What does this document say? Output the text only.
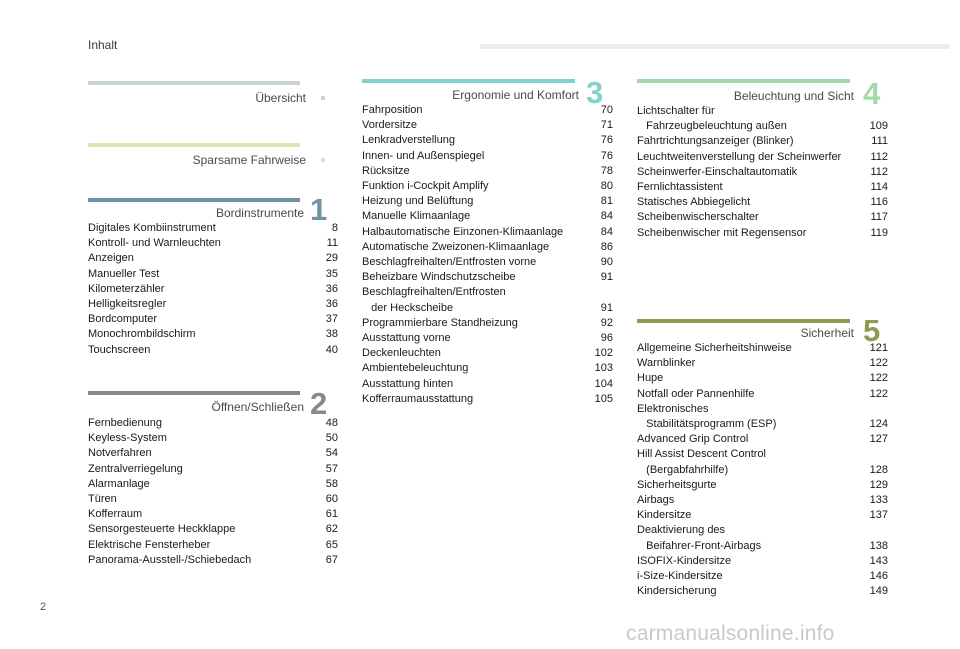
Inhalt
Übersicht
Sparsame Fahrweise
Bordinstrumente 1
Digitales Kombiinstrument	8
Kontroll- und Warnleuchten	11
Anzeigen	29
Manueller Test	35
Kilometerzähler	36
Helligkeitsregler	36
Bordcomputer	37
Monochrombildschirm	38
Touchscreen	40
Öffnen/Schließen 2
Fernbedienung	48
Keyless-System	50
Notverfahren	54
Zentralverriegelung	57
Alarmanlage	58
Türen	60
Kofferraum	61
Sensorgesteuerte Heckklappe	62
Elektrische Fensterheber	65
Panorama-Ausstell-/Schiebedach	67
Ergonomie und Komfort 3
Fahrposition	70
Vordersitze	71
Lenkradverstellung	76
Innen- und Außenspiegel	76
Rücksitze	78
Funktion i-Cockpit Amplify	80
Heizung und Belüftung	81
Manuelle Klimaanlage	84
Halbautomatische Einzonen-Klimaanlage	84
Automatische Zweizonen-Klimaanlage	86
Beschlagfreihalten/Entfrosten vorne	90
Beheizbare Windschutzscheibe	91
Beschlagfreihalten/Entfrosten
der Heckscheibe	91
Programmierbare Standheizung	92
Ausstattung vorne	96
Deckenleuchten	102
Ambientebeleuchtung	103
Ausstattung hinten	104
Kofferraumausstattung	105
Beleuchtung und Sicht 4
Lichtschalter für
Fahrzeugbeleuchtung außen	109
Fahrtrichtungsanzeiger (Blinker)	111
Leuchtweitenverstellung der Scheinwerfer	112
Scheinwerfer-Einschaltautomatik	112
Fernlichtassistent	114
Statisches Abbiegelicht	116
Scheibenwischerschalter	117
Scheibenwischer mit Regensensor	119
Sicherheit 5
Allgemeine Sicherheitshinweise	121
Warnblinker	122
Hupe	122
Notfall oder Pannenhilfe	122
Elektronisches
Stabilitätsprogramm (ESP)	124
Advanced Grip Control	127
Hill Assist Descent Control
(Bergabfahrhilfe)	128
Sicherheitsgurte	129
Airbags	133
Kindersitze	137
Deaktivierung des
Beifahrer-Front-Airbags	138
ISOFIX-Kindersitze	143
i-Size-Kindersitze	146
Kindersicherung	149
2
carmanualsonline.info
